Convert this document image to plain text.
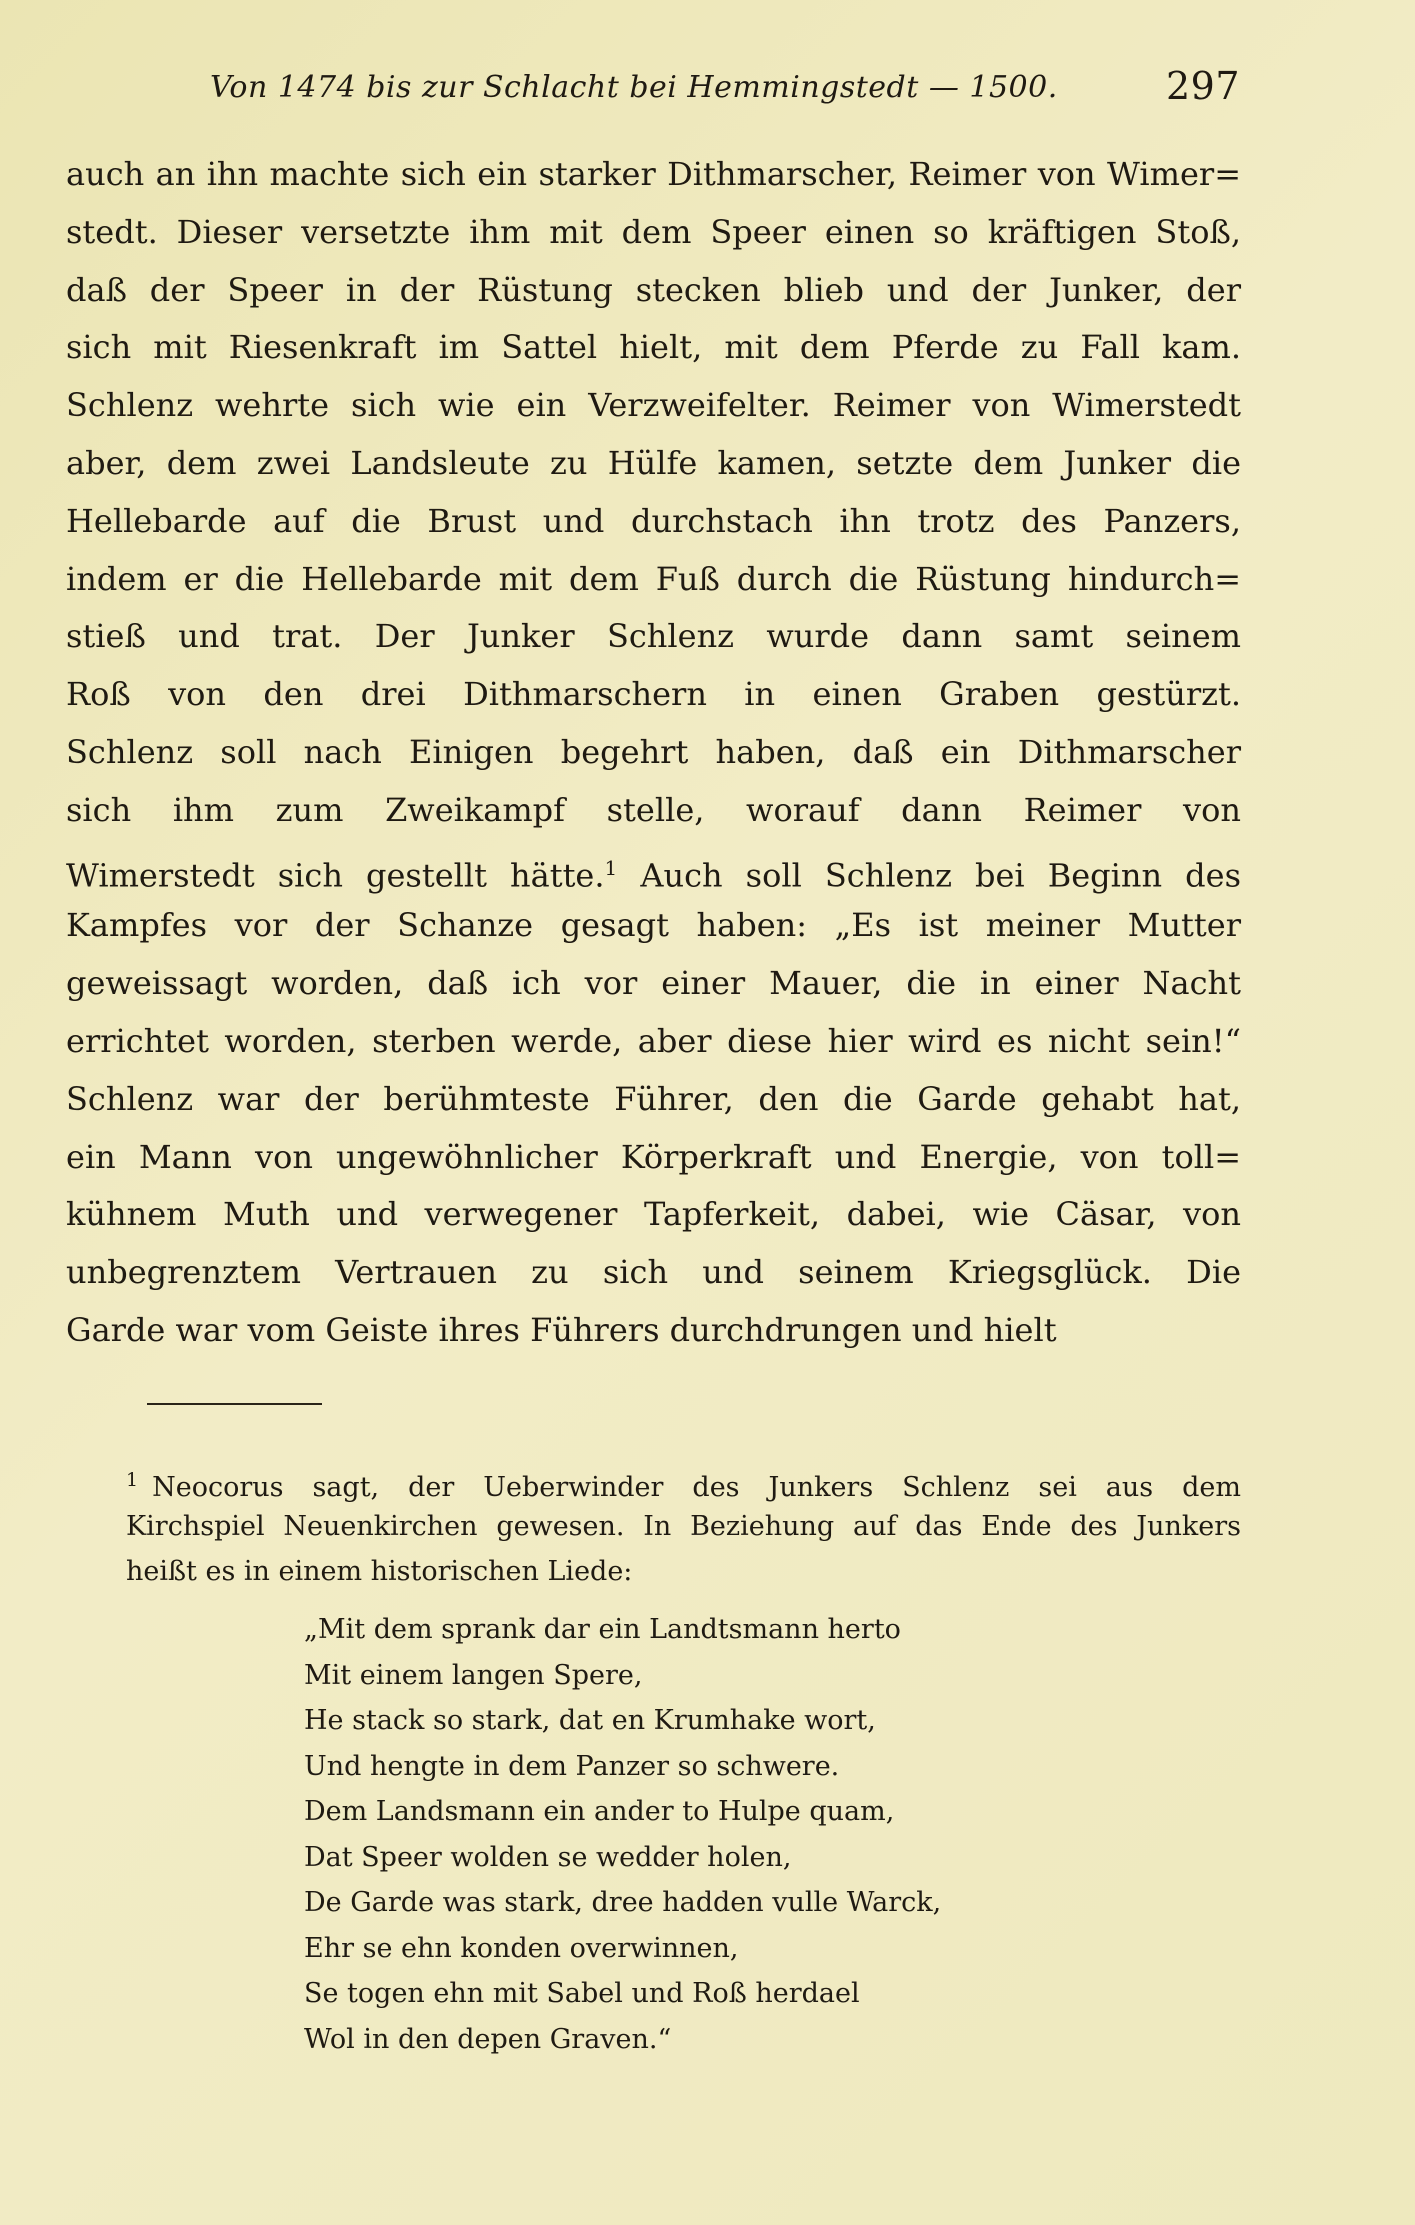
Von 1474 bis zur Schlacht bei Hemmingstedt — 1500.	297
auch an ihn machte sich ein starker Dithmarscher, Reimer von Wimer=
stedt. Dieser versetzte ihm mit dem Speer einen so kräftigen Stoß,
daß der Speer in der Rüstung stecken blieb und der Junker, der
sich mit Riesenkraft im Sattel hielt, mit dem Pferde zu Fall kam.
Schlenz wehrte sich wie ein Verzweifelter. Reimer von Wimerstedt
aber, dem zwei Landsleute zu Hülfe kamen, setzte dem Junker die
Hellebarde auf die Brust und durchstach ihn trotz des Panzers,
indem er die Hellebarde mit dem Fuß durch die Rüstung hindurch=
stieß und trat. Der Junker Schlenz wurde dann samt seinem
Roß von den drei Dithmarschern in einen Graben gestürzt.
Schlenz soll nach Einigen begehrt haben, daß ein Dithmarscher
sich ihm zum Zweikampf stelle, worauf dann Reimer von
Wimerstedt sich gestellt hätte.$^1$ Auch soll Schlenz bei Beginn des
Kampfes vor der Schanze gesagt haben: „Es ist meiner Mutter
geweissagt worden, daß ich vor einer Mauer, die in einer Nacht
errichtet worden, sterben werde, aber diese hier wird es nicht sein!“
Schlenz war der berühmteste Führer, den die Garde gehabt hat,
ein Mann von ungewöhnlicher Körperkraft und Energie, von toll=
kühnem Muth und verwegener Tapferkeit, dabei, wie Cäsar, von
unbegrenztem Vertrauen zu sich und seinem Kriegsglück. Die
Garde war vom Geiste ihres Führers durchdrungen und hielt
$^1$ Neocorus sagt, der Ueberwinder des Junkers Schlenz sei aus dem
Kirchspiel Neuenkirchen gewesen. In Beziehung auf das Ende des Junkers
heißt es in einem historischen Liede:
„Mit dem sprank dar ein Landtsmann herto
Mit einem langen Spere,
He stack so stark, dat en Krumhake wort,
Und hengte in dem Panzer so schwere.
Dem Landsmann ein ander to Hulpe quam,
Dat Speer wolden se wedder holen,
De Garde was stark, dree hadden vulle Warck,
Ehr se ehn konden overwinnen,
Se togen ehn mit Sabel und Roß herdael
Wol in den depen Graven.“
